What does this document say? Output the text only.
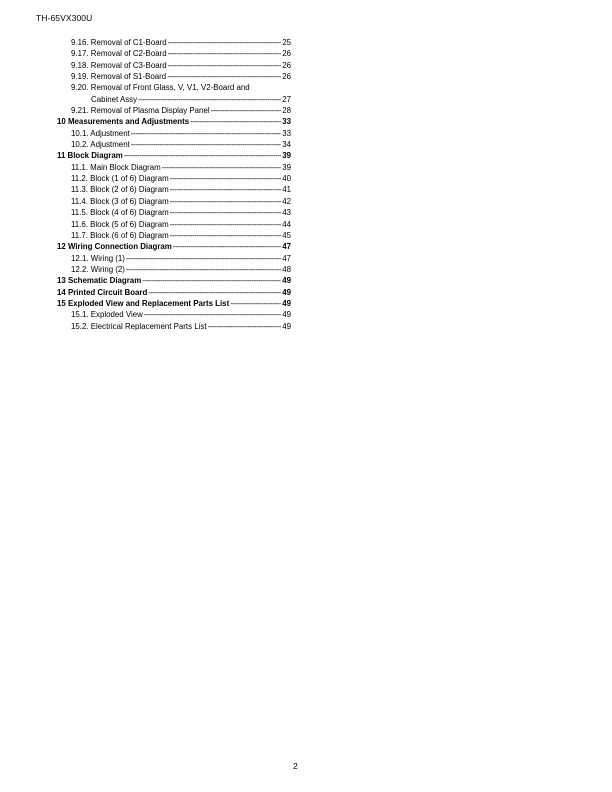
TH-65VX300U
9.16. Removal of C1-Board -----	25
9.17. Removal of C2-Board -----	26
9.18. Removal of C3-Board -----	26
9.19. Removal of S1-Board -----	26
9.20. Removal of Front Glass, V, V1, V2-Board and
Cabinet Assy -----	27
9.21. Removal of Plasma Display Panel -----	28
10 Measurements and Adjustments -----	33
10.1. Adjustment -----	33
10.2. Adjustment -----	34
11 Block Diagram -----	39
11.1. Main Block Diagram -----	39
11.2. Block (1 of 6) Diagram -----	40
11.3. Block (2 of 6) Diagram -----	41
11.4. Block (3 of 6) Diagram -----	42
11.5. Block (4 of 6) Diagram -----	43
11.6. Block (5 of 6) Diagram -----	44
11.7. Block (6 of 6) Diagram -----	45
12 Wiring Connection Diagram -----	47
12.1. Wiring (1) -----	47
12.2. Wiring (2) -----	48
13 Schematic Diagram -----	49
14 Printed Circuit Board -----	49
15 Exploded View and Replacement Parts List -----	49
15.1. Exploded View -----	49
15.2. Electrical Replacement Parts List -----	49
2
